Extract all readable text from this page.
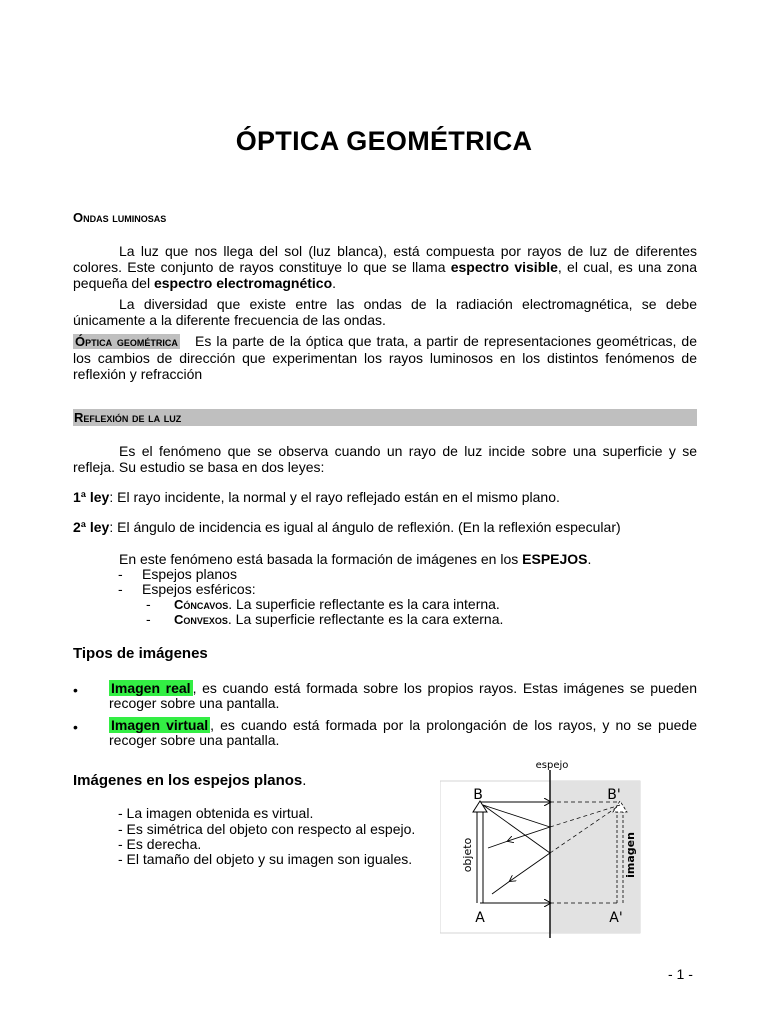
ÓPTICA GEOMÉTRICA
Ondas luminosas

La luz que nos llega del sol (luz blanca), está compuesta por rayos de luz de diferentes colores. Este conjunto de rayos constituye lo que se llama espectro visible, el cual, es una zona pequeña del espectro electromagnético.

La diversidad que existe entre las ondas de la radiación electromagnética, se debe únicamente a la diferente frecuencia de las ondas.

Óptica geométrica Es la parte de la óptica que trata, a partir de representaciones geométricas, de los cambios de dirección que experimentan los rayos luminosos en los distintos fenómenos de reflexión y refracción

Reflexión de la luz

Es el fenómeno que se observa cuando un rayo de luz incide sobre una superficie y se refleja. Su estudio se basa en dos leyes:

1ª ley: El rayo incidente, la normal y el rayo reflejado están en el mismo plano.

2ª ley: El ángulo de incidencia es igual al ángulo de reflexión. (En la reflexión especular)

En este fenómeno está basada la formación de imágenes en los ESPEJOS.

- Espejos planos
- Espejos esféricos:
- Cóncavos. La superficie reflectante es la cara interna.
- Convexos. La superficie reflectante es la cara externa.
Tipos de imágenes
• Imagen real , es cuando está formada sobre los propios rayos. Estas imágenes se pueden recoger sobre una pantalla.

• Imagen virtual , es cuando está formada por la prolongación de los rayos, y no se puede recoger sobre una pantalla.

Imágenes en los espejos planos.
- La imagen obtenida es virtual.
- Es simétrica del objeto con respecto al espejo.
- Es derecha.
- El tamaño del objeto y su imagen son iguales.
espejo
B	B'
A	A'
objeto	imagen
- 1 -
